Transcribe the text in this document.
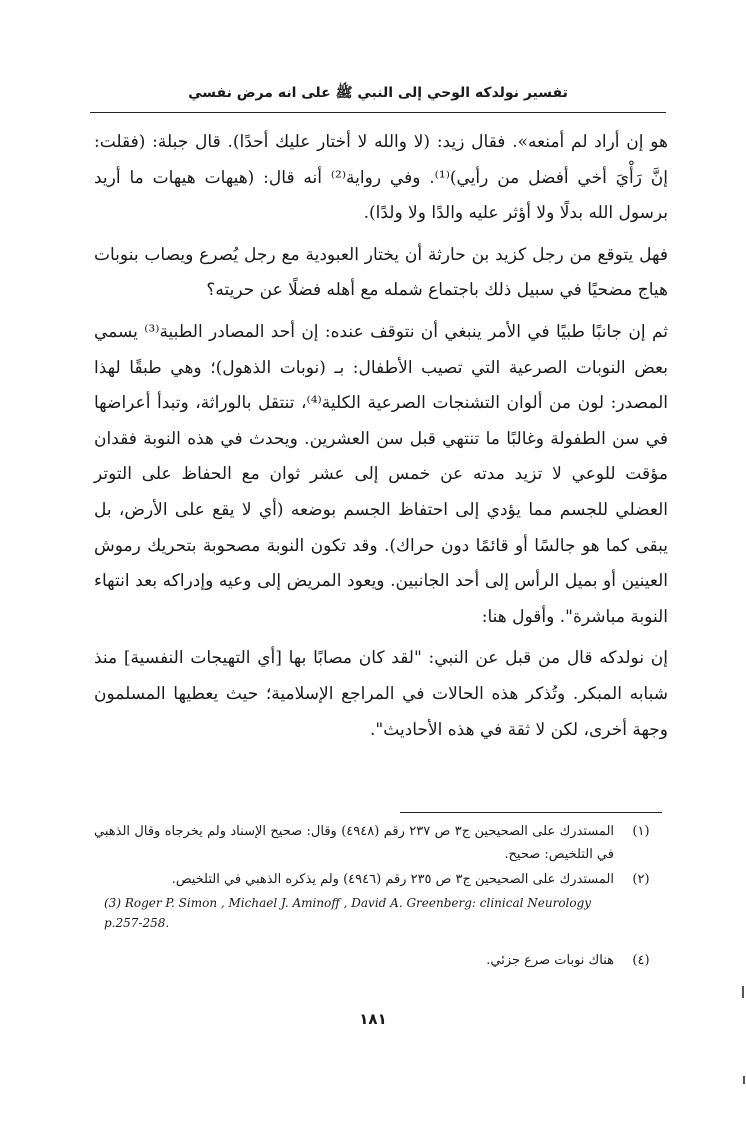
تفسير نولدكه الوحي إلى النبي ﷺ على انه مرض نفسي

هو إن أراد لم أمنعه». فقال زيد: (لا والله لا أختار عليك أحدًا). قال جبلة: (فقلت: إنَّ رَأْيَ أخي أفضل من رأيي)⁽¹⁾. وفي رواية⁽²⁾ أنه قال: (هيهات هيهات ما أريد برسول الله بدلًا ولا أؤثر عليه والدًا ولا ولدًا).

فهل يتوقع من رجل كزيد بن حارثة أن يختار العبودية مع رجل يُصرع ويصاب بنوبات هياج مضحيًا في سبيل ذلك باجتماع شمله مع أهله فضلًا عن حريته؟

ثم إن جانبًا طبيًا في الأمر ينبغي أن نتوقف عنده: إن أحد المصادر الطبية⁽³⁾ يسمي بعض النوبات الصرعية التي تصيب الأطفال: بـ (نوبات الذهول)؛ وهي طبقًا لهذا المصدر: لون من ألوان التشنجات الصرعية الكلية⁽⁴⁾، تنتقل بالوراثة، وتبدأ أعراضها في سن الطفولة وغالبًا ما تنتهي قبل سن العشرين. ويحدث في هذه النوبة فقدان مؤقت للوعي لا تزيد مدته عن خمس إلى عشر ثوان مع الحفاظ على التوتر العضلي للجسم مما يؤدي إلى احتفاظ الجسم بوضعه (أي لا يقع على الأرض، بل يبقى كما هو جالسًا أو قائمًا دون حراك). وقد تكون النوبة مصحوبة بتحريك رموش العينين أو بميل الرأس إلى أحد الجانبين. ويعود المريض إلى وعيه وإدراكه بعد انتهاء النوبة مباشرة". وأقول هنا:

إن نولدكه قال من قبل عن النبي: "لقد كان مصابًا بها [أي التهيجات النفسية] منذ شبابه المبكر. وتُذكر هذه الحالات في المراجع الإسلامية؛ حيث يعطيها المسلمون وجهة أخرى، لكن لا ثقة في هذه الأحاديث".

(١)
المستدرك على الصحيحين ج٣ ص ٢٣٧ رقم (٤٩٤٨) وقال: صحيح الإسناد ولم يخرجاه وقال الذهبي في التلخيص: صحيح.
(٢)
المستدرك على الصحيحين ج٣ ص ٢٣٥ رقم (٤٩٤٦) ولم يذكره الذهبي في التلخيص.
(3) Roger P. Simon , Michael J. Aminoff , David A. Greenberg: clinical Neurology p.257-258.
(٤)
هناك نوبات صرع جزئي.
١٨١
